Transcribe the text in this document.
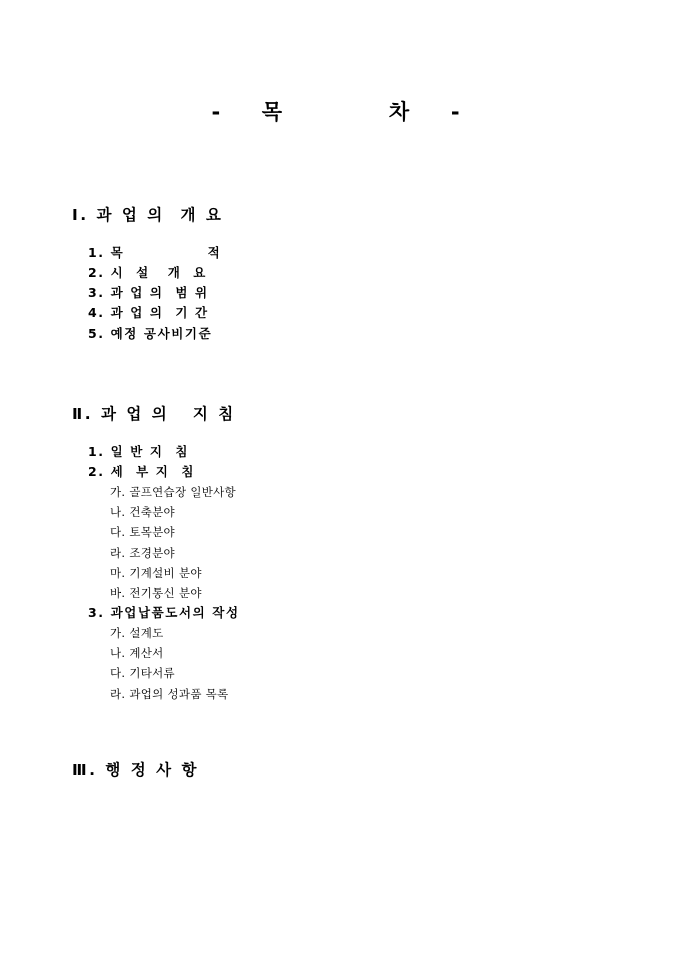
-  목      차  -
Ⅰ. 과 업 의  개 요
1. 목              적
2. 시  설   개  요
3. 과 업 의  범 위
4. 과 업 의  기 간
5. 예정 공사비기준
Ⅱ. 과 업 의   지 침
1. 일 반 지  침
2. 세  부 지  침
가. 골프연습장 일반사항
나. 건축분야
다. 토목분야
라. 조경분야
마. 기계설비 분야
바. 전기통신 분야
3. 과업납품도서의 작성
가. 설계도
나. 계산서
다. 기타서류
라. 과업의 성과품 목록
Ⅲ. 행 정 사 항
